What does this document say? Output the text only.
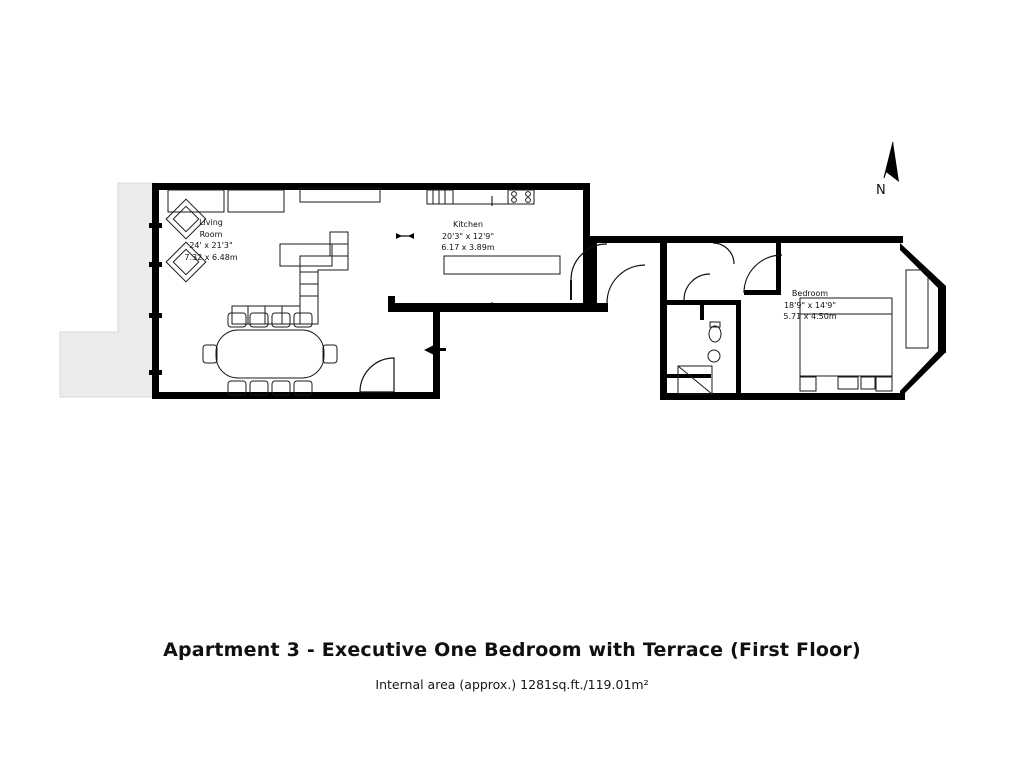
Living
Room
24' x 21'3"
7.32 x 6.48m
Kitchen
20'3" x 12'9"
6.17 x 3.89m
Bedroom
18'9" x 14'9"
5.71 x 4.50m
N

Apartment 3 - Executive One Bedroom with Terrace (First Floor)

Internal area (approx.) 1281sq.ft./119.01m²
